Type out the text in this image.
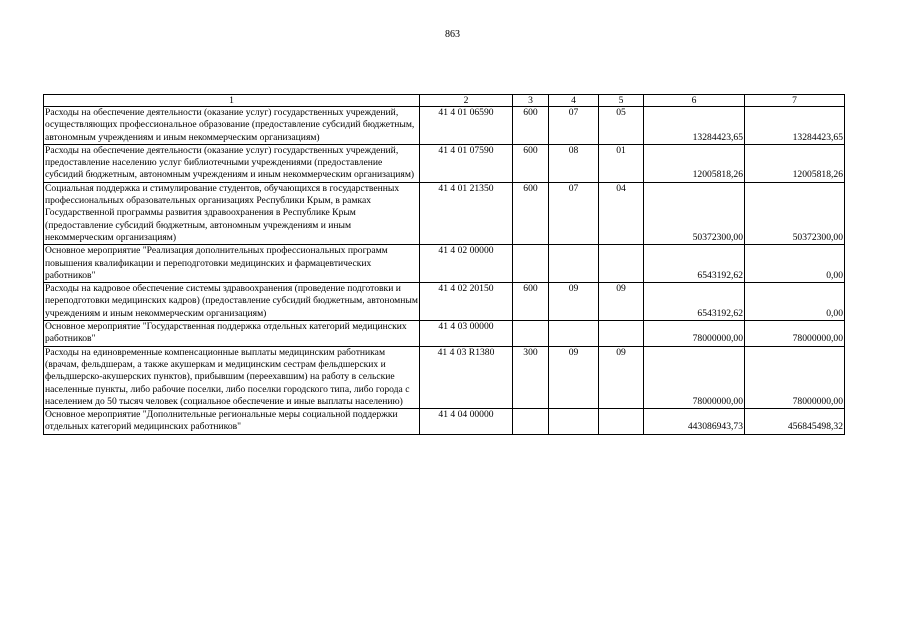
863
1	2	3	4	5	6	7
Расходы на обеспечение деятельности (оказание услуг) государственных учреждений, осуществляющих профессиональное образование (предоставление субсидий бюджетным, автономным учреждениям и иным некоммерческим организациям)	41 4 01 06590	600	07	05	13284423,65	13284423,65
Расходы на обеспечение деятельности (оказание услуг) государственных учреждений, предоставление населению услуг библиотечными учреждениями (предоставление субсидий бюджетным, автономным учреждениям и иным некоммерческим организациям)	41 4 01 07590	600	08	01	12005818,26	12005818,26
Социальная поддержка и стимулирование студентов, обучающихся в государственных профессиональных образовательных организациях Республики Крым, в рамках Государственной программы развития здравоохранения в Республике Крым (предоставление субсидий бюджетным, автономным учреждениям и иным некоммерческим организациям)	41 4 01 21350	600	07	04	50372300,00	50372300,00
Основное мероприятие "Реализация дополнительных профессиональных программ повышения квалификации и переподготовки медицинских и фармацевтических работников"	41 4 02 00000				6543192,62	0,00
Расходы на кадровое обеспечение системы здравоохранения (проведение подготовки и переподготовки медицинских кадров) (предоставление субсидий бюджетным, автономным учреждениям и иным некоммерческим организациям)	41 4 02 20150	600	09	09	6543192,62	0,00
Основное мероприятие "Государственная поддержка отдельных категорий медицинских работников"	41 4 03 00000				78000000,00	78000000,00
Расходы на единовременные компенсационные выплаты медицинским работникам (врачам, фельдшерам, а также акушеркам и медицинским сестрам фельдшерских и фельдшерско-акушерских пунктов), прибывшим (переехавшим) на работу в сельские населенные пункты, либо рабочие поселки, либо поселки городского типа, либо города с населением до 50 тысяч человек (социальное обеспечение и иные выплаты населению)	41 4 03 R1380	300	09	09	78000000,00	78000000,00
Основное мероприятие "Дополнительные региональные меры социальной поддержки отдельных категорий медицинских работников"	41 4 04 00000				443086943,73	456845498,32
